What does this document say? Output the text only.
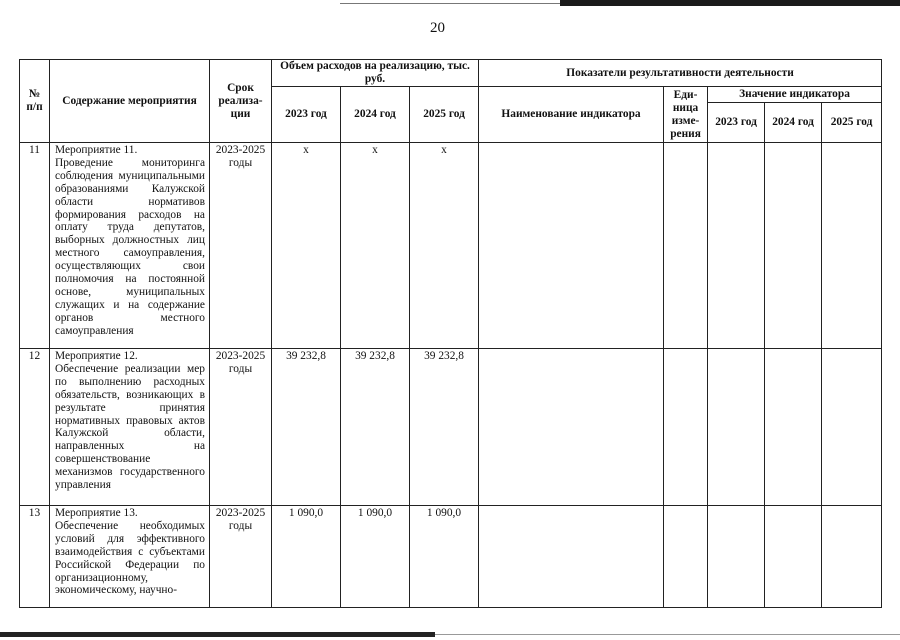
20
№ п/п	Содержание мероприятия	Срок реализа-ции	Объем расходов на реализацию, тыс. руб.			Показатели результативности деятельности				
			2023 год	2024 год	2025 год	Наименование индикатора	Еди-ница изме-рения	Значение индикатора		
								2023 год	2024 год	2025 год
11	Мероприятие 11.
Проведение мониторинга соблюдения муниципальными образованиями Калужской области нормативов формирования расходов на оплату труда депутатов, выборных должностных лиц местного самоуправления, осуществляющих свои полномочия на постоянной основе, муниципальных служащих и на содержание органов местного самоуправления	2023-2025 годы	х	х	х					
12	Мероприятие 12.
Обеспечение реализации мер по выполнению расходных обязательств, возникающих в результате принятия нормативных правовых актов Калужской области, направленных на совершенствование механизмов государственного управления	2023-2025 годы	39 232,8	39 232,8	39 232,8					
13	Мероприятие 13.
Обеспечение необходимых условий для эффективного взаимодействия с субъектами Российской Федерации по организационному, экономическому, научно-	2023-2025 годы	1 090,0	1 090,0	1 090,0					
